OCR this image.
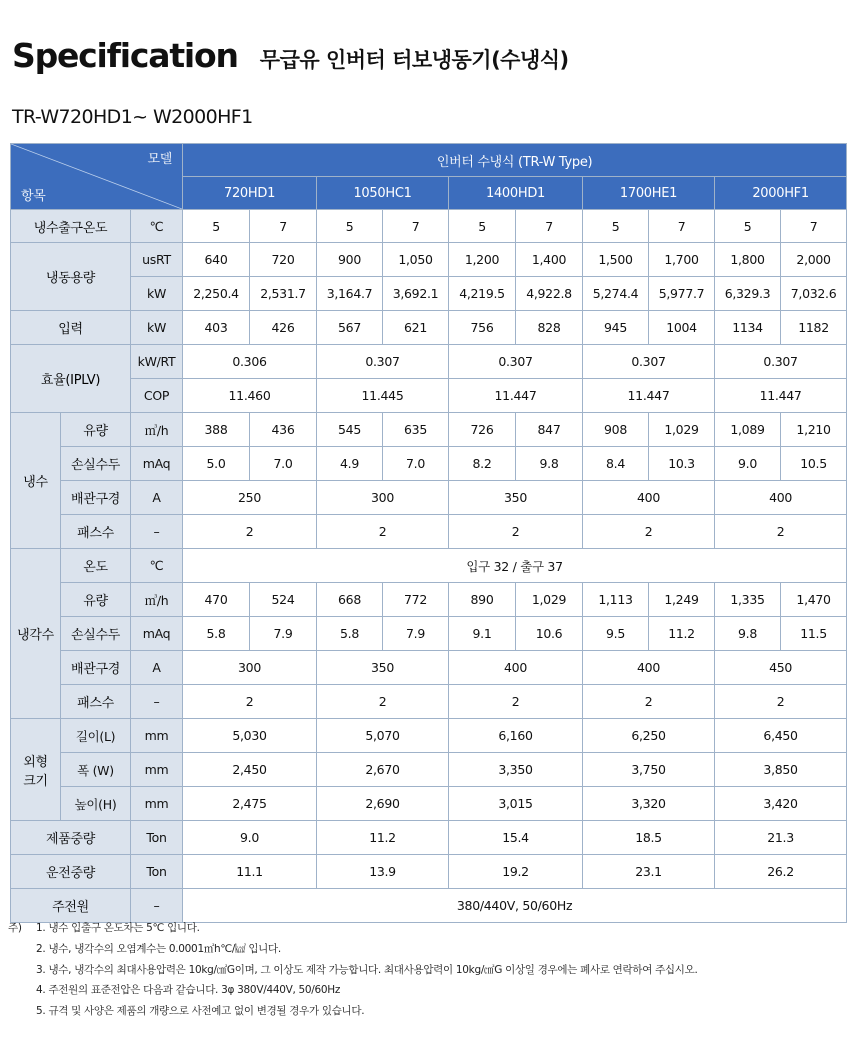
Specification 무급유 인버터 터보냉동기(수냉식)
TR-W720HD1~ W2000HF1
모델
항목			인버터 수냉식 (TR-W Type)									
			720HD1		1050HC1		1400HD1		1700HE1		2000HF1	
냉수출구온도		℃	5	7	5	7	5	7	5	7	5	7
냉동용량		usRT	640	720	900	1,050	1,200	1,400	1,500	1,700	1,800	2,000
		kW	2,250.4	2,531.7	3,164.7	3,692.1	4,219.5	4,922.8	5,274.4	5,977.7	6,329.3	7,032.6
입력		kW	403	426	567	621	756	828	945	1004	1134	1182
효율(IPLV)		kW/RT	0.306		0.307		0.307		0.307		0.307	
		COP	11.460		11.445		11.447		11.447		11.447	
냉수	유량	㎥/h	388	436	545	635	726	847	908	1,029	1,089	1,210
	손실수두	mAq	5.0	7.0	4.9	7.0	8.2	9.8	8.4	10.3	9.0	10.5
	배관구경	A	250		300		350		400		400	
	패스수	–	2		2		2		2		2	
냉각수	온도	℃	입구 32 / 출구 37									
	유량	㎥/h	470	524	668	772	890	1,029	1,113	1,249	1,335	1,470
	손실수두	mAq	5.8	7.9	5.8	7.9	9.1	10.6	9.5	11.2	9.8	11.5
	배관구경	A	300		350		400		400		450	
	패스수	–	2		2		2		2		2	

외형
크기	길이(L)	mm	5,030		5,070		6,160		6,250		6,450	
	폭 (W)	mm	2,450		2,670		3,350		3,750		3,850	
	높이(H)	mm	2,475		2,690		3,015		3,320		3,420	
제품중량		Ton	9.0		11.2		15.4		18.5		21.3	
운전중량		Ton	11.1		13.9		19.2		23.1		26.2	
주전원		–	380/440V, 50/60Hz									
주)	1. 냉수 입출구 온도차는 5℃ 입니다.
2. 냉수, 냉각수의 오염계수는 0.0001㎡h℃/㎉ 입니다.
3. 냉수, 냉각수의 최대사용압력은 10kg/㎠G이며, 그 이상도 제작 가능합니다. 최대사용압력이 10kg/㎠G 이상일 경우에는 폐사로 연락하여 주십시오.
4. 주전원의 표준전압은 다음과 같습니다. 3φ 380V/440V, 50/60Hz
5. 규격 및 사양은 제품의 개량으로 사전예고 없이 변경될 경우가 있습니다.
